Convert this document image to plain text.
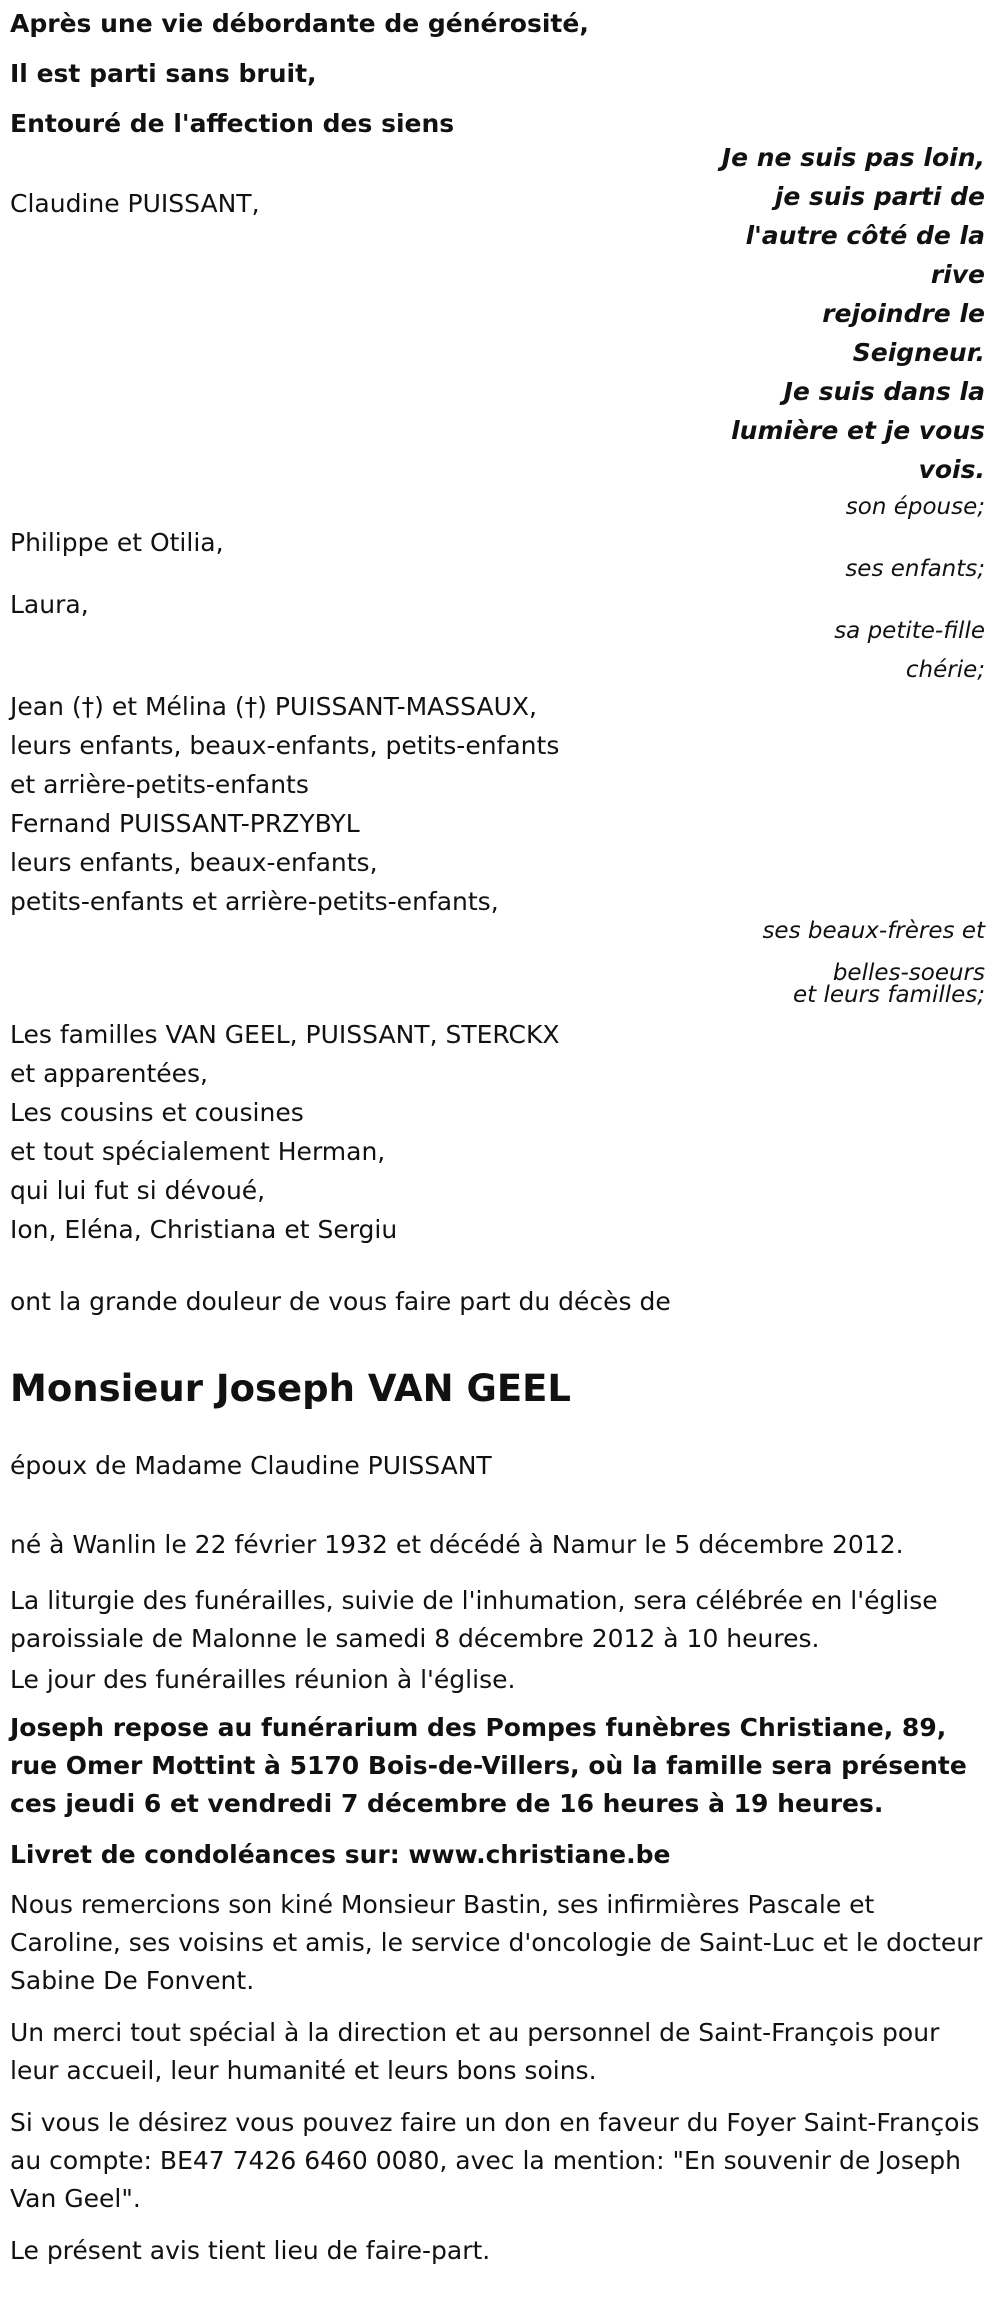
Après une vie débordante de générosité,

Il est parti sans bruit,

Entouré de l'affection des siens

Je ne suis pas loin,

je suis parti de

l'autre côté de la

rive

rejoindre le

Seigneur.

Je suis dans la

lumière et je vous

vois.

Claudine PUISSANT,

son épouse;

Philippe et Otilia,

ses enfants;

Laura,

sa petite-fille

chérie;

Jean (†) et Mélina (†) PUISSANT-MASSAUX,

leurs enfants, beaux-enfants, petits-enfants

et arrière-petits-enfants

Fernand PUISSANT-PRZYBYL

leurs enfants, beaux-enfants,

petits-enfants et arrière-petits-enfants,

ses beaux-frères et

belles-soeurs

et leurs familles;

Les familles VAN GEEL, PUISSANT, STERCKX

et apparentées,

Les cousins et cousines

et tout spécialement Herman,

qui lui fut si dévoué,

Ion, Eléna, Christiana et Sergiu

ont la grande douleur de vous faire part du décès de

Monsieur Joseph VAN GEEL

époux de Madame Claudine PUISSANT

né à Wanlin le 22 février 1932 et décédé à Namur le 5 décembre 2012.

La liturgie des funérailles, suivie de l'inhumation, sera célébrée en l'église paroissiale de Malonne le samedi 8 décembre 2012 à 10 heures.

Le jour des funérailles réunion à l'église.

Joseph repose au funérarium des Pompes funèbres Christiane, 89, rue Omer Mottint à 5170 Bois-de-Villers, où la famille sera présente ces jeudi 6 et vendredi 7 décembre de 16 heures à 19 heures.

Livret de condoléances sur: www.christiane.be

Nous remercions son kiné Monsieur Bastin, ses infirmières Pascale et Caroline, ses voisins et amis, le service d'oncologie de Saint-Luc et le docteur Sabine De Fonvent.

Un merci tout spécial à la direction et au personnel de Saint-François pour leur accueil, leur humanité et leurs bons soins.

Si vous le désirez vous pouvez faire un don en faveur du Foyer Saint-François au compte: BE47 7426 6460 0080, avec la mention: "En souvenir de Joseph Van Geel".

Le présent avis tient lieu de faire-part.
